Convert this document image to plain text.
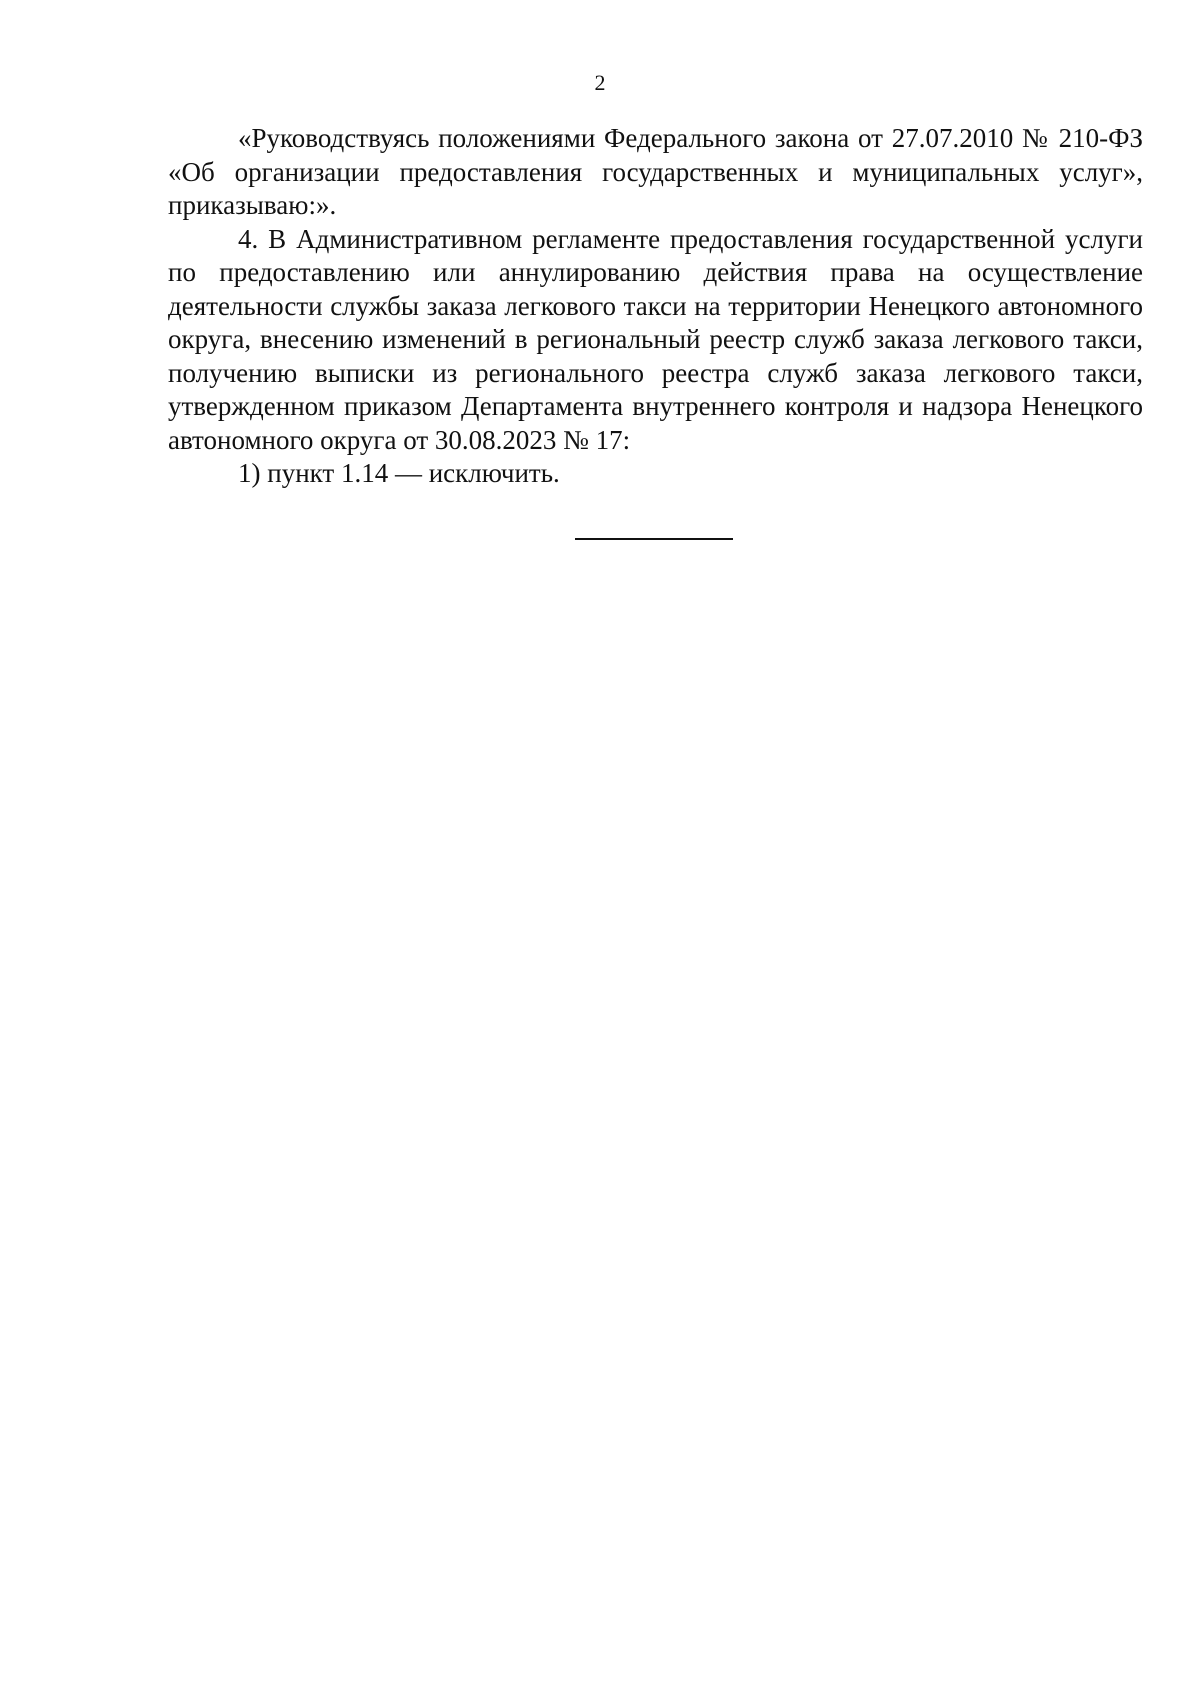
2

«Руководствуясь положениями Федерального закона от 27.07.2010 № 210-ФЗ «Об организации предоставления государственных и муниципальных услуг», приказываю:».

4. В Административном регламенте предоставления государственной услуги по предоставлению или аннулированию действия права на осуществление деятельности службы заказа легкового такси на территории Ненецкого автономного округа, внесению изменений в региональный реестр служб заказа легкового такси, получению выписки из регионального реестра служб заказа легкового такси, утвержденном приказом Департамента внутреннего контроля и надзора Ненецкого автономного округа от 30.08.2023 № 17:

1) пункт 1.14 — исключить.
